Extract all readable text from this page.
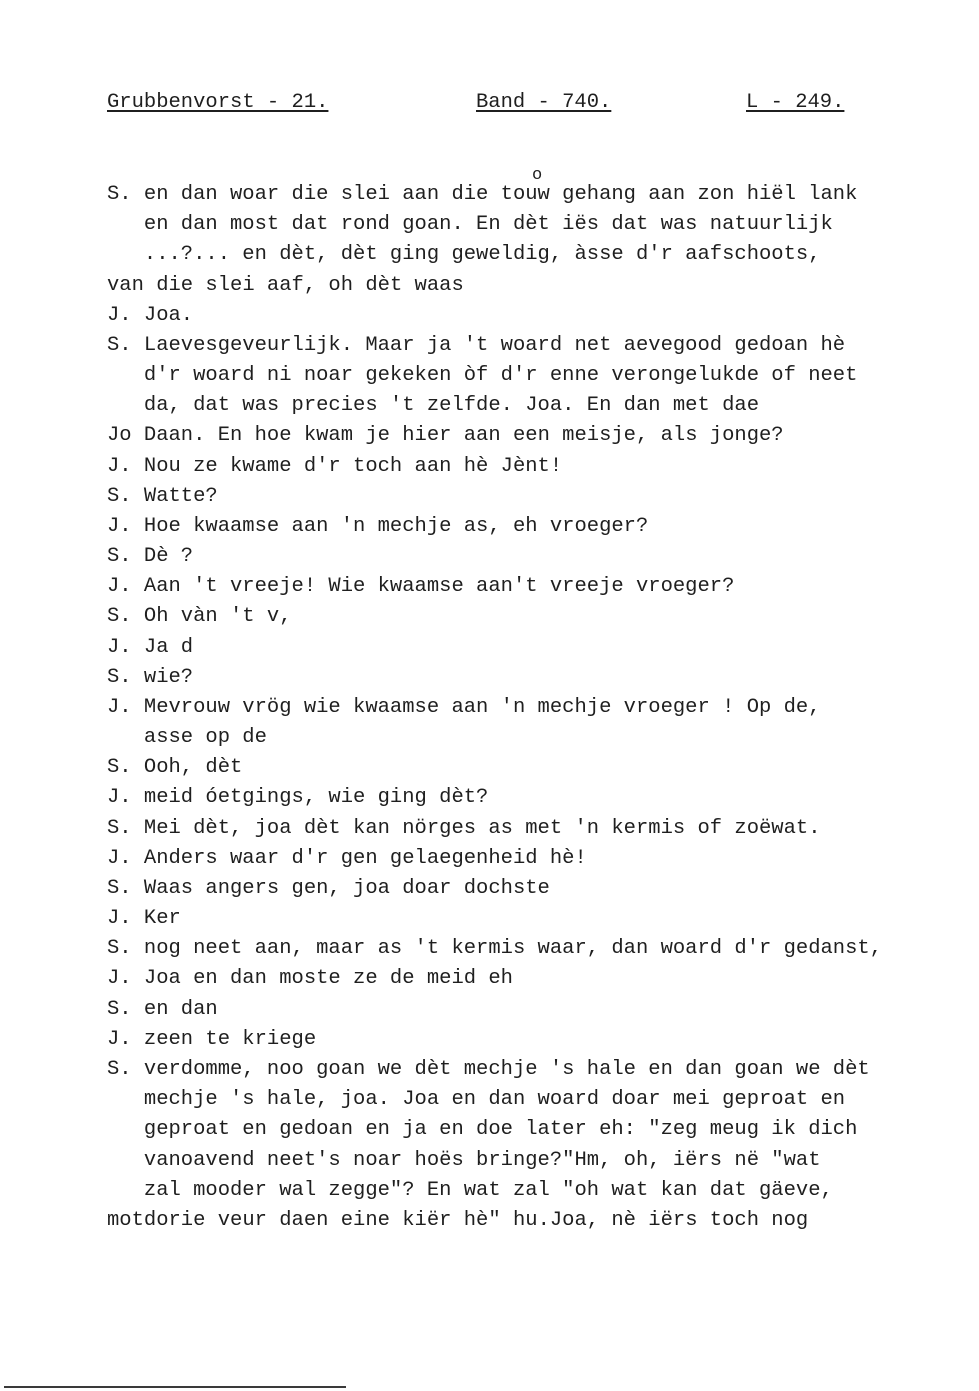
Grubbenvorst - 21.	Band - 740.	L - 249.
o
S. en dan woar die slei aan die touw gehang aan zon hiël lank
en dan most dat rond goan. En dèt iës dat was natuurlijk
...?... en dèt, dèt ging geweldig, àsse d'r aafschoots,
van die slei aaf, oh dèt waas
J. Joa.
S. Laevesgeveurlijk. Maar ja 't woard net aevegood gedoan hè
d'r woard ni noar gekeken òf d'r enne verongelukde of neet
da, dat was precies 't zelfde. Joa. En dan met dae
Jo Daan. En hoe kwam je hier aan een meisje, als jonge?
J. Nou ze kwame d'r toch aan hè Jènt!
S. Watte?
J. Hoe kwaamse aan 'n mechje as, eh vroeger?
S. Dè ?
J. Aan 't vreeje! Wie kwaamse aan't vreeje vroeger?
S. Oh vàn 't v,
J. Ja d
S. wie?
J. Mevrouw vrög wie kwaamse aan 'n mechje vroeger ! Op de,
asse op de
S. Ooh, dèt
J. meid óetgings, wie ging dèt?
S. Mei dèt, joa dèt kan nörges as met 'n kermis of zoëwat.
J. Anders waar d'r gen gelaegenheid hè!
S. Waas angers gen, joa doar dochste
J. Ker
S. nog neet aan, maar as 't kermis waar, dan woard d'r gedanst,
J. Joa en dan moste ze de meid eh
S. en dan
J. zeen te kriege
S. verdomme, noo goan we dèt mechje 's hale en dan goan we dèt
mechje 's hale, joa. Joa en dan woard doar mei geproat en
geproat en gedoan en ja en doe later eh: "zeg meug ik dich
vanoavend neet's noar hoës bringe?"Hm, oh, iërs në "wat
zal mooder wal zegge"? En wat zal "oh wat kan dat gäeve,
motdorie veur daen eine kiër hè" hu.Joa, nè iërs toch nog
